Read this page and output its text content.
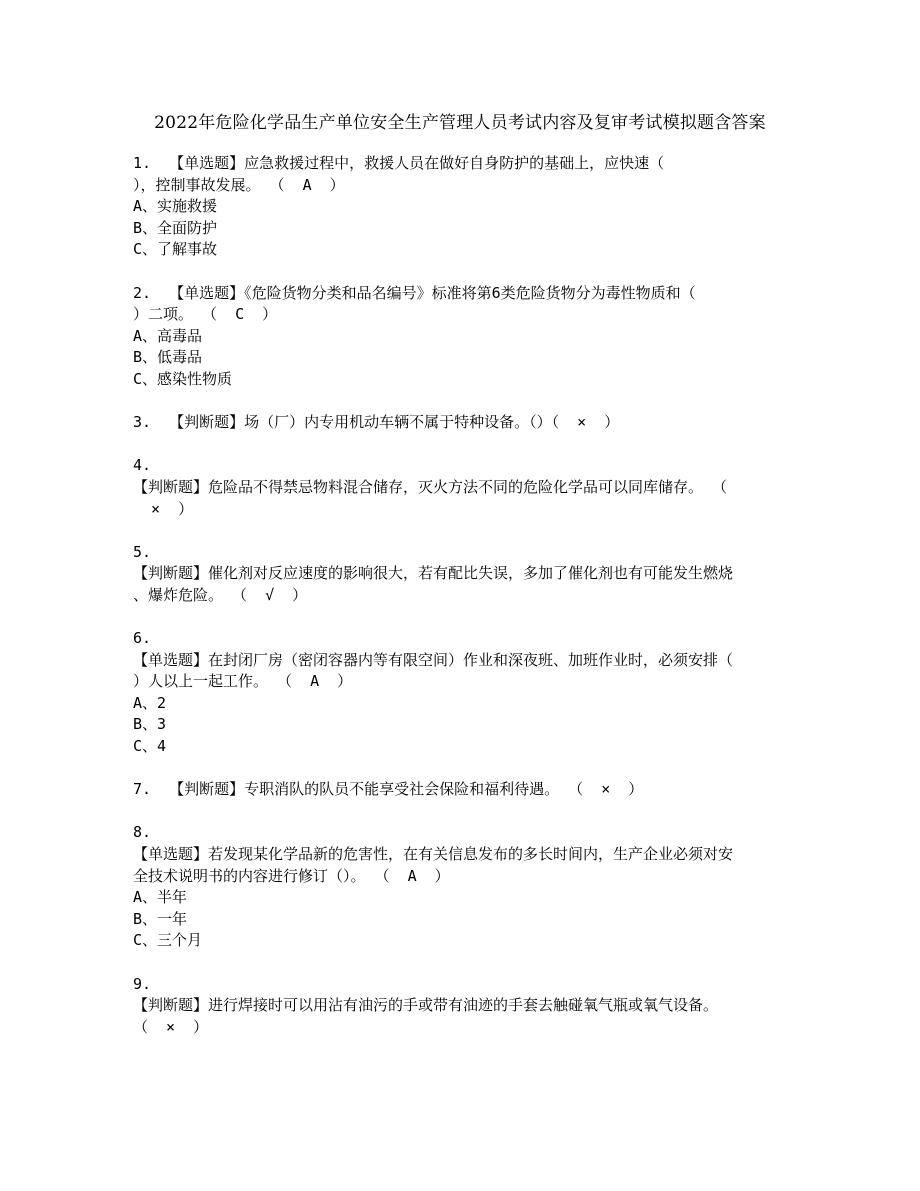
2022年危险化学品生产单位安全生产管理人员考试内容及复审考试模拟题含答案
1.  【单选题】应急救援过程中，救援人员在做好自身防护的基础上，应快速（
），控制事故发展。 （  A  ）
A、实施救援
B、全面防护
C、了解事故
2.  【单选题】《危险货物分类和品名编号》标准将第6类危险货物分为毒性物质和（
）二项。 （  C  ）
A、高毒品
B、低毒品
C、感染性物质
3.  【判断题】场（厂）内专用机动车辆不属于特种设备。（）（  ×  ）
4.
【判断题】危险品不得禁忌物料混合储存，灭火方法不同的危险化学品可以同库储存。 （
×  ）
5.
【判断题】催化剂对反应速度的影响很大，若有配比失误，多加了催化剂也有可能发生燃烧
、爆炸危险。 （  √  ）
6.
【单选题】在封闭厂房（密闭容器内等有限空间）作业和深夜班、加班作业时，必须安排（
）人以上一起工作。 （  A  ）
A、2
B、3
C、4
7.  【判断题】专职消队的队员不能享受社会保险和福利待遇。 （  ×  ）
8.
【单选题】若发现某化学品新的危害性，在有关信息发布的多长时间内，生产企业必须对安
全技术说明书的内容进行修订（）。 （  A  ）
A、半年
B、一年
C、三个月
9.
【判断题】进行焊接时可以用沾有油污的手或带有油迹的手套去触碰氧气瓶或氧气设备。
（  ×  ）
